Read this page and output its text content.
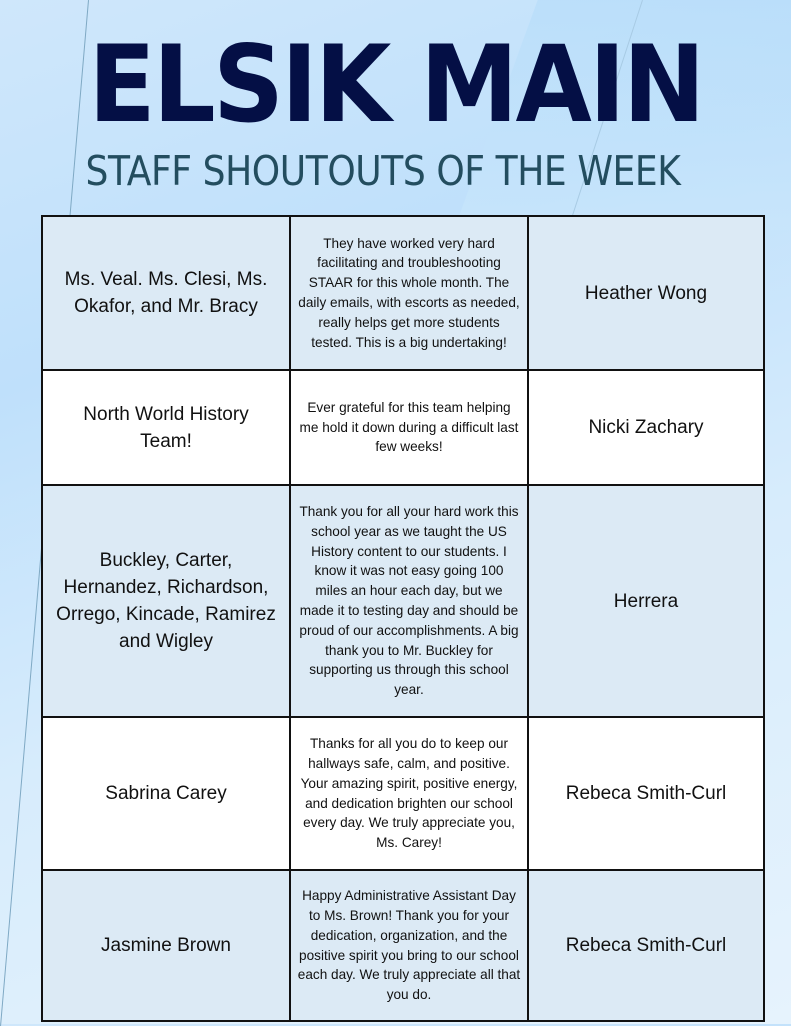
ELSIK MAIN
STAFF SHOUTOUTS OF THE WEEK
Ms. Veal. Ms. Clesi, Ms. Okafor, and Mr. Bracy
They have worked very hard facilitating and troubleshooting STAAR for this whole month. The daily emails, with escorts as needed, really helps get more students tested. This is a big undertaking!
Heather Wong
North World History Team!
Ever grateful for this team helping me hold it down during a difficult last few weeks!
Nicki Zachary
Buckley, Carter, Hernandez, Richardson, Orrego, Kincade, Ramirez and Wigley
Thank you for all your hard work this school year as we taught the US History content to our students. I know it was not easy going 100 miles an hour each day, but we made it to testing day and should be proud of our accomplishments. A big thank you to Mr. Buckley for supporting us through this school year.
Herrera
Sabrina Carey
Thanks for all you do to keep our hallways safe, calm, and positive. Your amazing spirit, positive energy, and dedication brighten our school every day. We truly appreciate you, Ms. Carey!
Rebeca Smith-Curl
Jasmine Brown
Happy Administrative Assistant Day to Ms. Brown! Thank you for your dedication, organization, and the positive spirit you bring to our school each day. We truly appreciate all that you do.
Rebeca Smith-Curl
